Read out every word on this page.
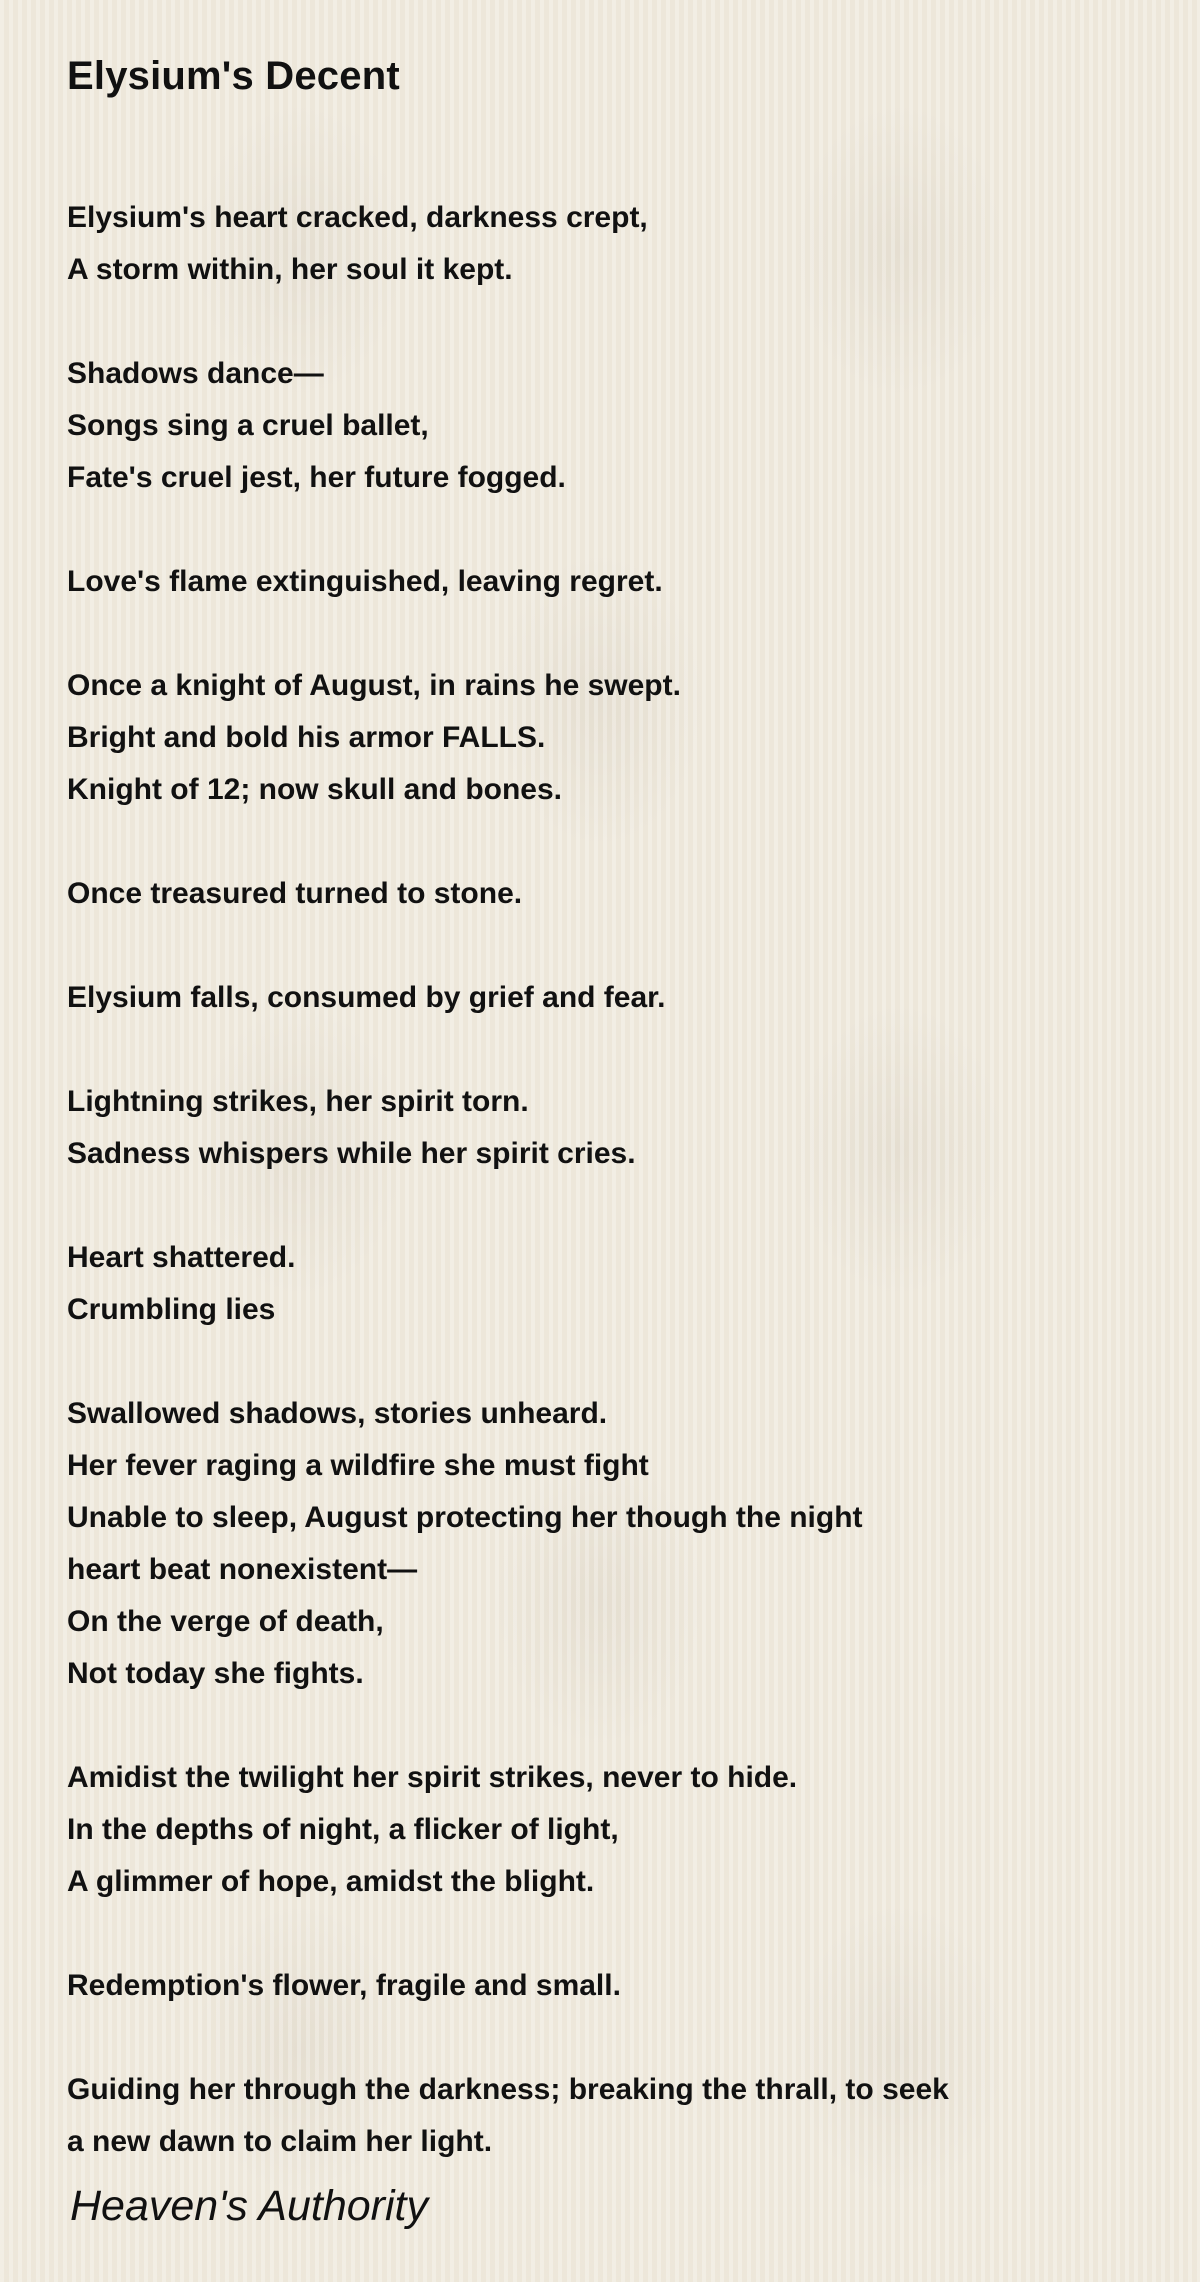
Elysium's Decent
Elysium's heart cracked, darkness crept,
A storm within, her soul it kept.
Shadows dance—
Songs sing a cruel ballet,
Fate's cruel jest, her future fogged.
Love's flame extinguished, leaving regret.
Once a knight of August, in rains he swept.
Bright and bold his armor FALLS.
Knight of 12; now skull and bones.
Once treasured turned to stone.
Elysium falls, consumed by grief and fear.
Lightning strikes, her spirit torn.
Sadness whispers while her spirit cries.
Heart shattered.
Crumbling lies
Swallowed shadows, stories unheard.
Her fever raging a wildfire she must fight
Unable to sleep, August protecting her though the night
heart beat nonexistent—
On the verge of death,
Not today she fights.
Amidist the twilight her spirit strikes, never to hide.
In the depths of night, a flicker of light,
A glimmer of hope, amidst the blight.
Redemption's flower, fragile and small.
Guiding her through the darkness; breaking the thrall, to seek
a new dawn to claim her light.
Heaven's Authority
